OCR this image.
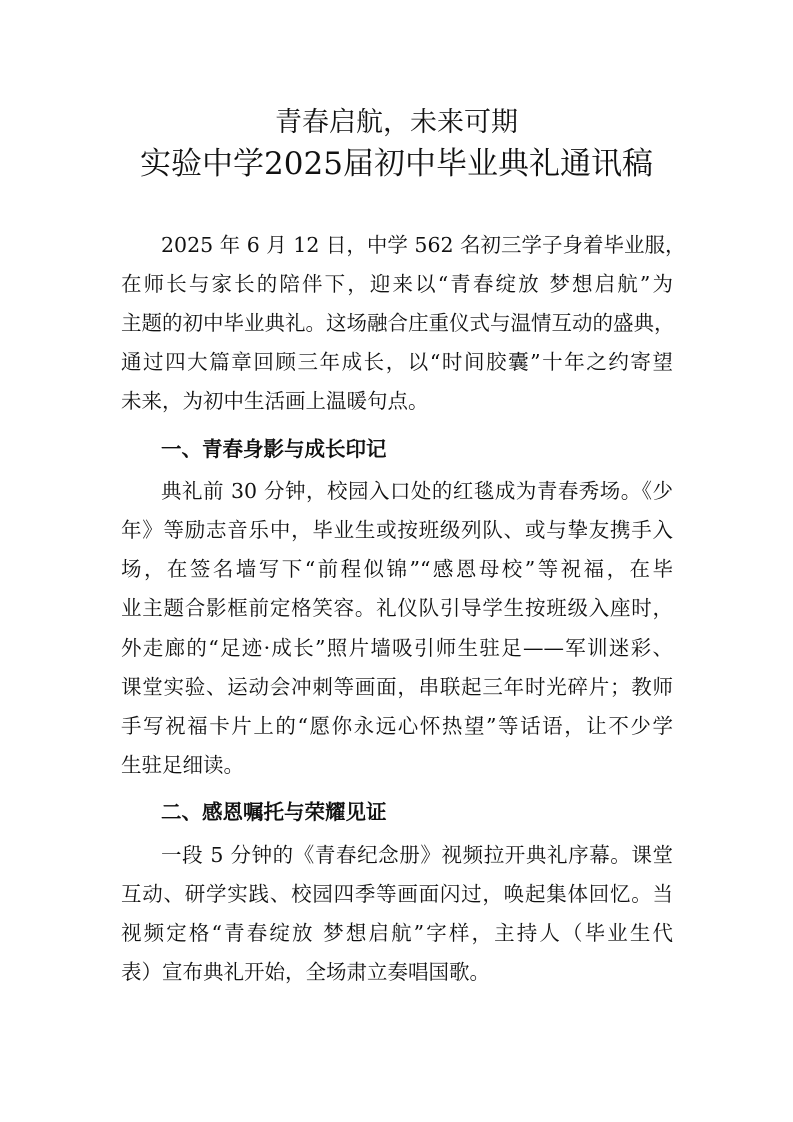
青春启航，未来可期
实验中学2025届初中毕业典礼通讯稿
2025 年 6 月 12 日，中学 562 名初三学子身着毕业服，
在师长与家长的陪伴下，迎来以“青春绽放 梦想启航”为
主题的初中毕业典礼。这场融合庄重仪式与温情互动的盛典，
通过四大篇章回顾三年成长，以“时间胶囊”十年之约寄望
未来，为初中生活画上温暖句点。
一、青春身影与成长印记
典礼前 30 分钟，校园入口处的红毯成为青春秀场。《少
年》等励志音乐中，毕业生或按班级列队、或与挚友携手入
场，在签名墙写下“前程似锦”“感恩母校”等祝福，在毕
业主题合影框前定格笑容。礼仪队引导学生按班级入座时，
外走廊的“足迹·成长”照片墙吸引师生驻足——军训迷彩、
课堂实验、运动会冲刺等画面，串联起三年时光碎片；教师
手写祝福卡片上的“愿你永远心怀热望”等话语，让不少学
生驻足细读。
二、感恩嘱托与荣耀见证
一段 5 分钟的《青春纪念册》视频拉开典礼序幕。课堂
互动、研学实践、校园四季等画面闪过，唤起集体回忆。当
视频定格“青春绽放 梦想启航”字样，主持人（毕业生代
表）宣布典礼开始，全场肃立奏唱国歌。
